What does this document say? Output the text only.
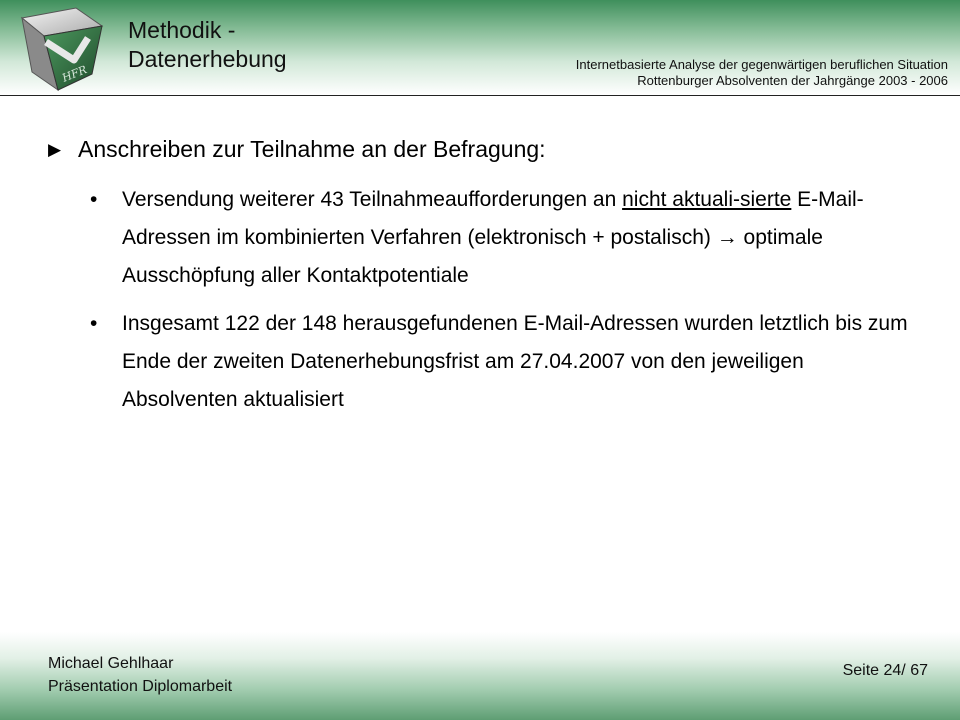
HFR
Methodik -
Datenerhebung	Internetbasierte Analyse der gegenwärtigen beruflichen Situation
Rottenburger Absolventen der Jahrgänge 2003 - 2006
▶ Anschreiben zur Teilnahme an der Befragung:
• Versendung weiterer 43 Teilnahmeaufforderungen an nicht aktuali-sierte E-Mail-Adressen im kombinierten Verfahren (elektronisch + postalisch) → optimale Ausschöpfung aller Kontaktpotentiale
• Insgesamt 122 der 148 herausgefundenen E-Mail-Adressen wurden letztlich bis zum Ende der zweiten Datenerhebungsfrist am 27.04.2007 von den jeweiligen Absolventen aktualisiert
Michael Gehlhaar
Präsentation Diplomarbeit
Seite 24/ 67
